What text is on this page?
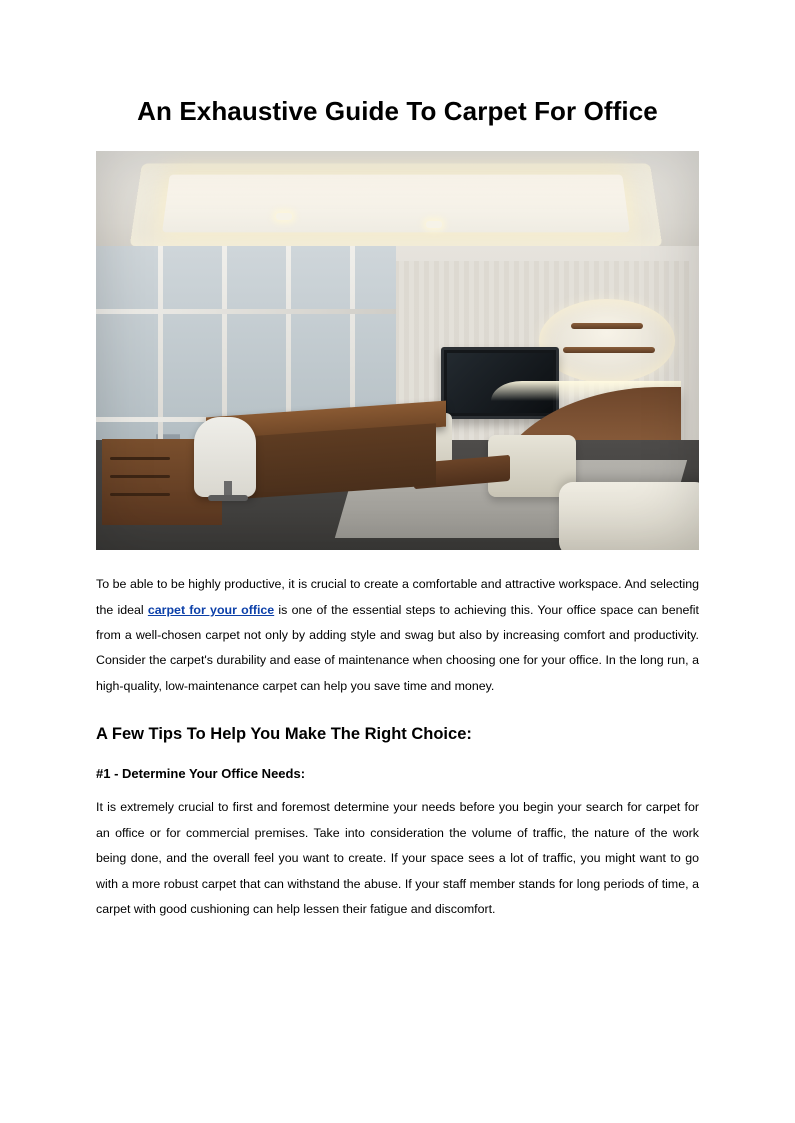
An Exhaustive Guide To Carpet For Office

To be able to be highly productive, it is crucial to create a comfortable and attractive workspace. And selecting the ideal carpet for your office is one of the essential steps to achieving this. Your office space can benefit from a well-chosen carpet not only by adding style and swag but also by increasing comfort and productivity. Consider the carpet's durability and ease of maintenance when choosing one for your office. In the long run, a high-quality, low-maintenance carpet can help you save time and money.

A Few Tips To Help You Make The Right Choice:
#1 - Determine Your Office Needs:

It is extremely crucial to first and foremost determine your needs before you begin your search for carpet for an office or for commercial premises. Take into consideration the volume of traffic, the nature of the work being done, and the overall feel you want to create. If your space sees a lot of traffic, you might want to go with a more robust carpet that can withstand the abuse. If your staff member stands for long periods of time, a carpet with good cushioning can help lessen their fatigue and discomfort.
